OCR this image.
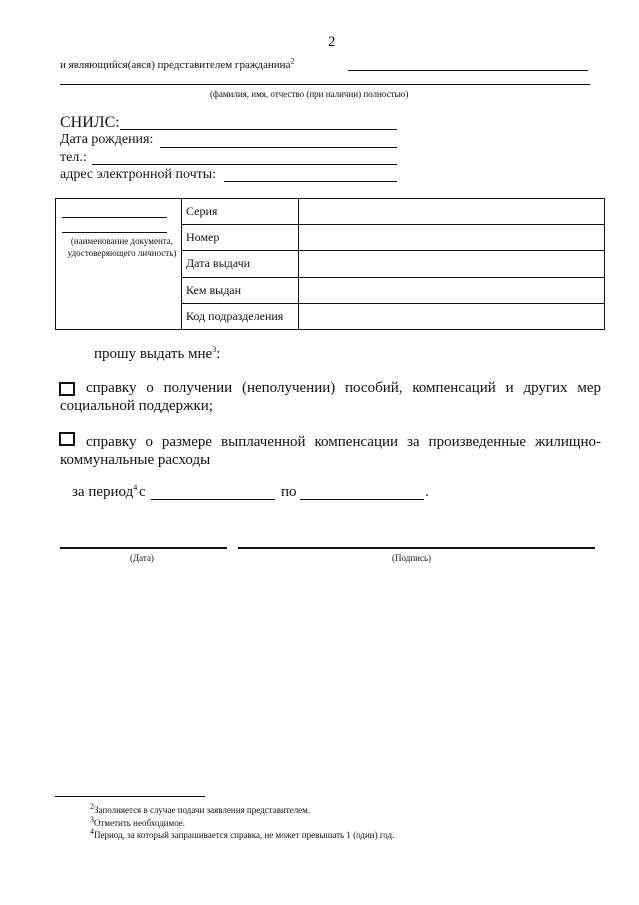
2
и являющийся(аяся) представителем гражданина$^2$
(фамилия, имя, отчество (при наличии) полностью)
СНИЛС:
Дата рождения:
тел.:
адрес электронной почты:
(наименование документа, удостоверяющего личность)	Серия	
	Номер	
	Дата выдачи	
	Кем выдан	
	Код подразделения	
прошу выдать мне$^3$:
справку о получении (неполучении) пособий, компенсаций и других мер
социальной поддержки;
справку о размере выплаченной компенсации за произведенные жилищно-
коммунальные расходы
за период$^4$ с	по	.
(Дата)	(Подпись)
$^2$Заполняется в случае подачи заявления представителем.
$^3$Отметить необходимое.
$^4$Период, за который запрашивается справка, не может превышать 1 (один) год.
